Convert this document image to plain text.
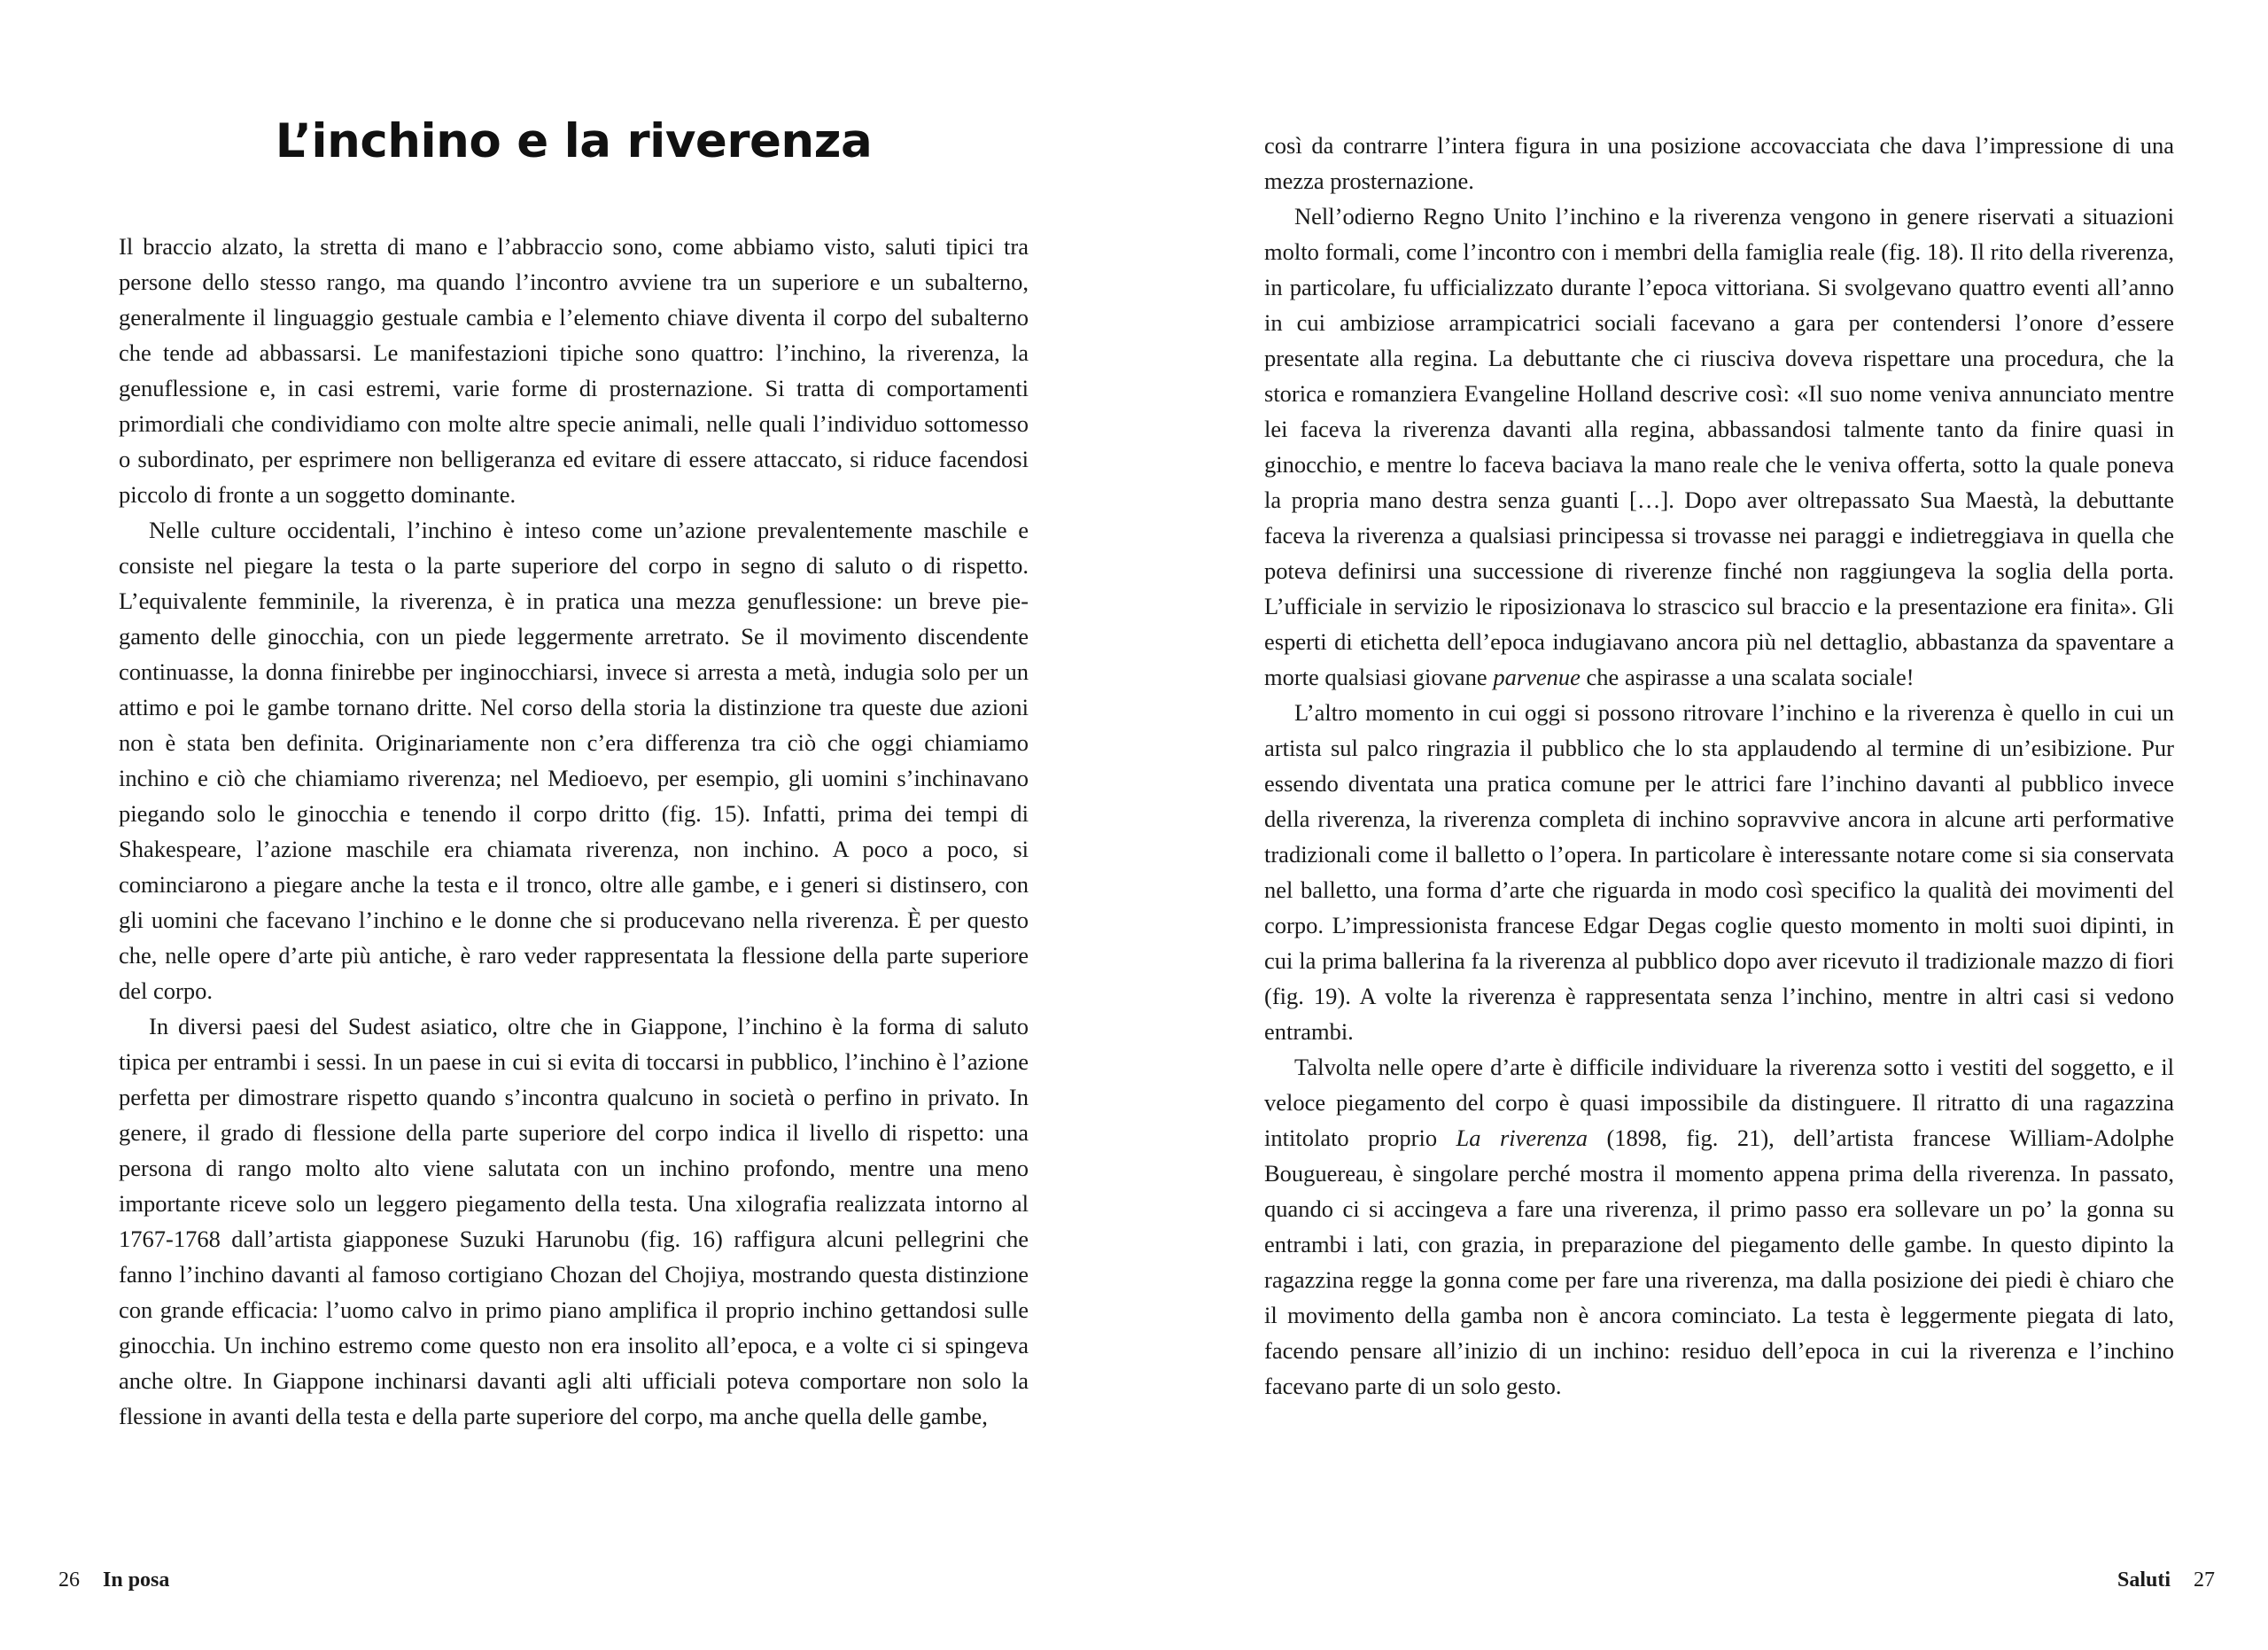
L’inchino e la riverenza

Il braccio alzato, la stretta di mano e l’abbraccio sono, come abbiamo visto, saluti tipici tra persone dello stesso rango, ma quando l’incontro avviene tra un superiore e un subalterno, generalmente il linguaggio gestuale cambia e l’elemento chiave diventa il corpo del subalterno che tende ad abbassarsi. Le manifestazioni tipiche sono quattro: l’inchino, la riverenza, la genuflessione e, in casi estremi, varie forme di prosternazione. Si tratta di comportamenti primordiali che condividiamo con molte altre specie animali, nelle quali l’individuo sottomesso o subordinato, per esprimere non belligeranza ed evitare di essere attaccato, si riduce facendosi piccolo di fronte a un soggetto dominante.

Nelle culture occidentali, l’inchino è inteso come un’azione prevalentemente maschile e consiste nel piegare la testa o la parte superiore del corpo in segno di saluto o di rispetto. L’equivalente femminile, la riverenza, è in pratica una mezza genuflessione: un breve piegamento delle ginocchia, con un piede leggermente arretrato. Se il movimento discendente continuasse, la donna finirebbe per inginocchiarsi, invece si arresta a metà, indugia solo per un attimo e poi le gambe tornano dritte. Nel corso della storia la distinzione tra queste due azioni non è stata ben definita. Originariamente non c’era differenza tra ciò che oggi chiamiamo inchino e ciò che chiamiamo riverenza; nel Medioevo, per esempio, gli uomini s’inchinavano piegando solo le ginocchia e tenendo il corpo dritto (fig. 15). Infatti, prima dei tempi di Shakespeare, l’azione maschile era chiamata riverenza, non inchino. A poco a poco, si cominciarono a piegare anche la testa e il tronco, oltre alle gambe, e i generi si distinsero, con gli uomini che facevano l’inchino e le donne che si producevano nella riverenza. È per questo che, nelle opere d’arte più antiche, è raro veder rappresentata la flessione della parte superiore del corpo.

In diversi paesi del Sudest asiatico, oltre che in Giappone, l’inchino è la forma di saluto tipica per entrambi i sessi. In un paese in cui si evita di toccarsi in pubblico, l’inchino è l’azione perfetta per dimostrare rispetto quando s’incontra qualcuno in società o perfino in privato. In genere, il grado di flessione della parte superiore del corpo indica il livello di rispetto: una persona di rango molto alto viene salutata con un inchino profondo, mentre una meno importante riceve solo un leggero piegamento della testa. Una xilografia realizzata intorno al 1767-1768 dall’artista giapponese Suzuki Harunobu (fig. 16) raffigura alcuni pellegrini che fanno l’inchino davanti al famoso cortigiano Chozan del Chojiya, mostrando questa distinzione con grande efficacia: l’uomo calvo in primo piano amplifica il proprio inchino gettandosi sulle ginocchia. Un inchino estremo come questo non era insolito all’epoca, e a volte ci si spingeva anche oltre. In Giappone inchinarsi davanti agli alti ufficiali poteva comportare non solo la flessione in avanti della testa e della parte superiore del corpo, ma anche quella delle gambe,

26 In posa

così da contrarre l’intera figura in una posizione accovacciata che dava l’impressione di una mezza prosternazione.

Nell’odierno Regno Unito l’inchino e la riverenza vengono in genere riservati a situazioni molto formali, come l’incontro con i membri della famiglia reale (fig. 18). Il rito della riverenza, in particolare, fu ufficializzato durante l’epoca vittoriana. Si svolgevano quattro eventi all’anno in cui ambiziose arrampicatrici sociali facevano a gara per contendersi l’onore d’essere presentate alla regina. La debuttante che ci riusciva doveva rispettare una procedura, che la storica e romanziera Evangeline Holland descrive così: «Il suo nome veniva annunciato mentre lei faceva la riverenza davanti alla regina, abbassandosi talmente tanto da finire quasi in ginocchio, e mentre lo faceva baciava la mano reale che le veniva offerta, sotto la quale poneva la propria mano destra senza guanti […]. Dopo aver oltrepassato Sua Maestà, la debuttante faceva la riverenza a qualsiasi principessa si trovasse nei paraggi e indietreggiava in quella che poteva definirsi una successione di riverenze finché non raggiungeva la soglia della porta. L’ufficiale in servizio le riposizionava lo strascico sul braccio e la presentazione era finita». Gli esperti di etichetta dell’epoca indugiavano ancora più nel dettaglio, abbastanza da spaventare a morte qualsiasi giovane parvenue che aspirasse a una scalata sociale!

L’altro momento in cui oggi si possono ritrovare l’inchino e la riverenza è quello in cui un artista sul palco ringrazia il pubblico che lo sta applaudendo al termine di un’esibizione. Pur essendo diventata una pratica comune per le attrici fare l’inchino davanti al pubblico invece della riverenza, la riverenza completa di inchino sopravvive ancora in alcune arti performative tradizionali come il balletto o l’opera. In particolare è interessante notare come si sia conservata nel balletto, una forma d’arte che riguarda in modo così specifico la qualità dei movimenti del corpo. L’impressionista francese Edgar Degas coglie questo momento in molti suoi dipinti, in cui la prima ballerina fa la riverenza al pubblico dopo aver ricevuto il tradizionale mazzo di fiori (fig. 19). A volte la riverenza è rappresentata senza l’inchino, mentre in altri casi si vedono entrambi.

Talvolta nelle opere d’arte è difficile individuare la riverenza sotto i vestiti del soggetto, e il veloce piegamento del corpo è quasi impossibile da distinguere. Il ritratto di una ragazzina intitolato proprio La riverenza (1898, fig. 21), dell’artista francese William-Adolphe Bouguereau, è singolare perché mostra il momento appena prima della riverenza. In passato, quando ci si accingeva a fare una riverenza, il primo passo era sollevare un po’ la gonna su entrambi i lati, con grazia, in preparazione del piegamento delle gambe. In questo dipinto la ragazzina regge la gonna come per fare una riverenza, ma dalla posizione dei piedi è chiaro che il movimento della gamba non è ancora cominciato. La testa è leggermente piegata di lato, facendo pensare all’inizio di un inchino: residuo dell’epoca in cui la riverenza e l’inchino facevano parte di un solo gesto.

Saluti 27
